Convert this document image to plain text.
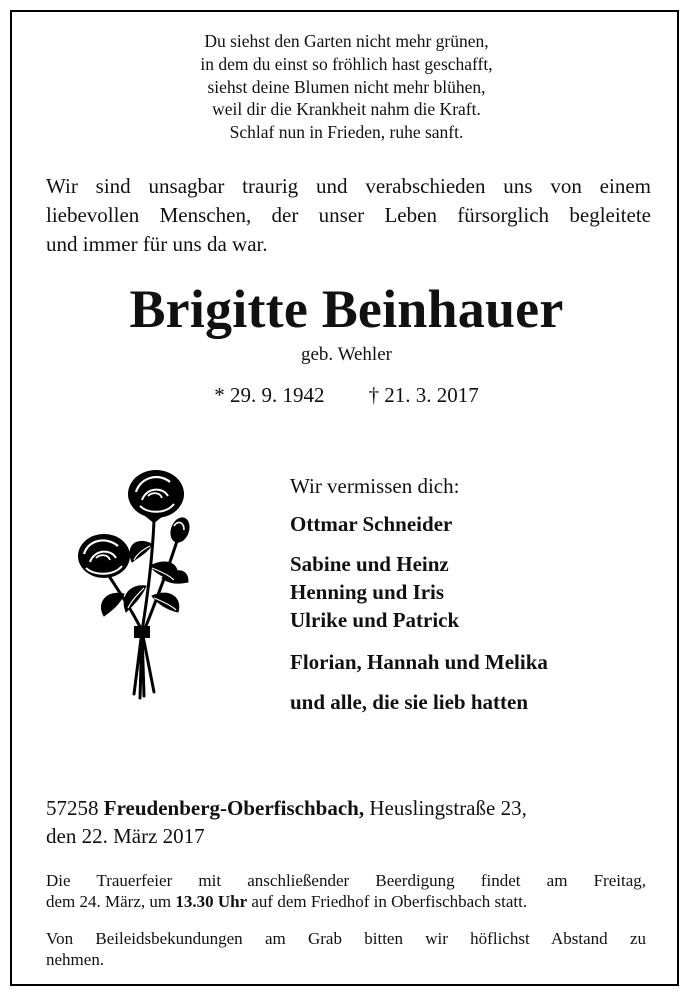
Du siehst den Garten nicht mehr grünen,
in dem du einst so fröhlich hast geschafft,
siehst deine Blumen nicht mehr blühen,
weil dir die Krankheit nahm die Kraft.
Schlaf nun in Frieden, ruhe sanft.
Wir sind unsagbar traurig und verabschieden uns von einem
liebevollen Menschen, der unser Leben fürsorglich begleitete
und immer für uns da war.
Brigitte Beinhauer
geb. Wehler
* 29. 9. 1942 † 21. 3. 2017
Wir vermissen dich:
Ottmar Schneider
Sabine und Heinz
Henning und Iris
Ulrike und Patrick
Florian, Hannah und Melika
und alle, die sie lieb hatten
57258 Freudenberg-Oberfischbach, Heuslingstraße 23,
den 22. März 2017
Die Trauerfeier mit anschließender Beerdigung findet am Freitag,
dem 24. März, um 13.30 Uhr auf dem Friedhof in Oberfischbach statt.
Von Beileidsbekundungen am Grab bitten wir höflichst Abstand zu
nehmen.
